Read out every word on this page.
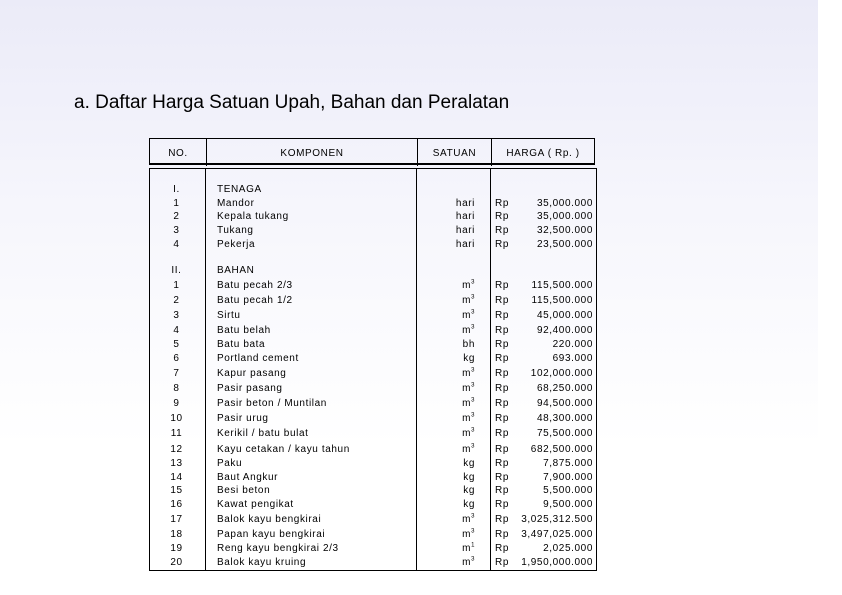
a. Daftar Harga Satuan Upah, Bahan dan Peralatan
NO.	KOMPONEN	SATUAN	HARGA ( Rp. )
I.	TENAGA
1	Mandor	hari Rp	35,000.000
2	Kepala tukang	hari Rp	35,000.000
3	Tukang	hari Rp	32,500.000
4	Pekerja	hari Rp	23,500.000
II.	BAHAN
1	Batu pecah 2/3	$m^3$ Rp	115,500.000
2	Batu pecah 1/2	$m^3$ Rp	115,500.000
3	Sirtu	$m^3$ Rp	45,000.000
4	Batu belah	$m^3$ Rp	92,400.000
5	Batu bata	bh Rp	220.000
6	Portland cement	kg Rp	693.000
7	Kapur pasang	$m^3$ Rp	102,000.000
8	Pasir pasang	$m^3$ Rp	68,250.000
9	Pasir beton / Muntilan	$m^3$ Rp	94,500.000
10	Pasir urug	$m^3$ Rp	48,300.000
11	Kerikil / batu bulat	$m^3$ Rp	75,500.000
12	Kayu cetakan / kayu tahun	$m^3$ Rp	682,500.000
13	Paku	kg Rp	7,875.000
14	Baut Angkur	kg Rp	7,900.000
15	Besi beton	kg Rp	5,500.000
16	Kawat pengikat	kg Rp	9,500.000
17	Balok kayu bengkirai	$m^3$ Rp	3,025,312.500
18	Papan kayu bengkirai	$m^3$ Rp	3,497,025.000
19	Reng kayu bengkirai 2/3	$m^1$ Rp	2,025.000
20	Balok kayu kruing	$m^3$ Rp	1,950,000.000
